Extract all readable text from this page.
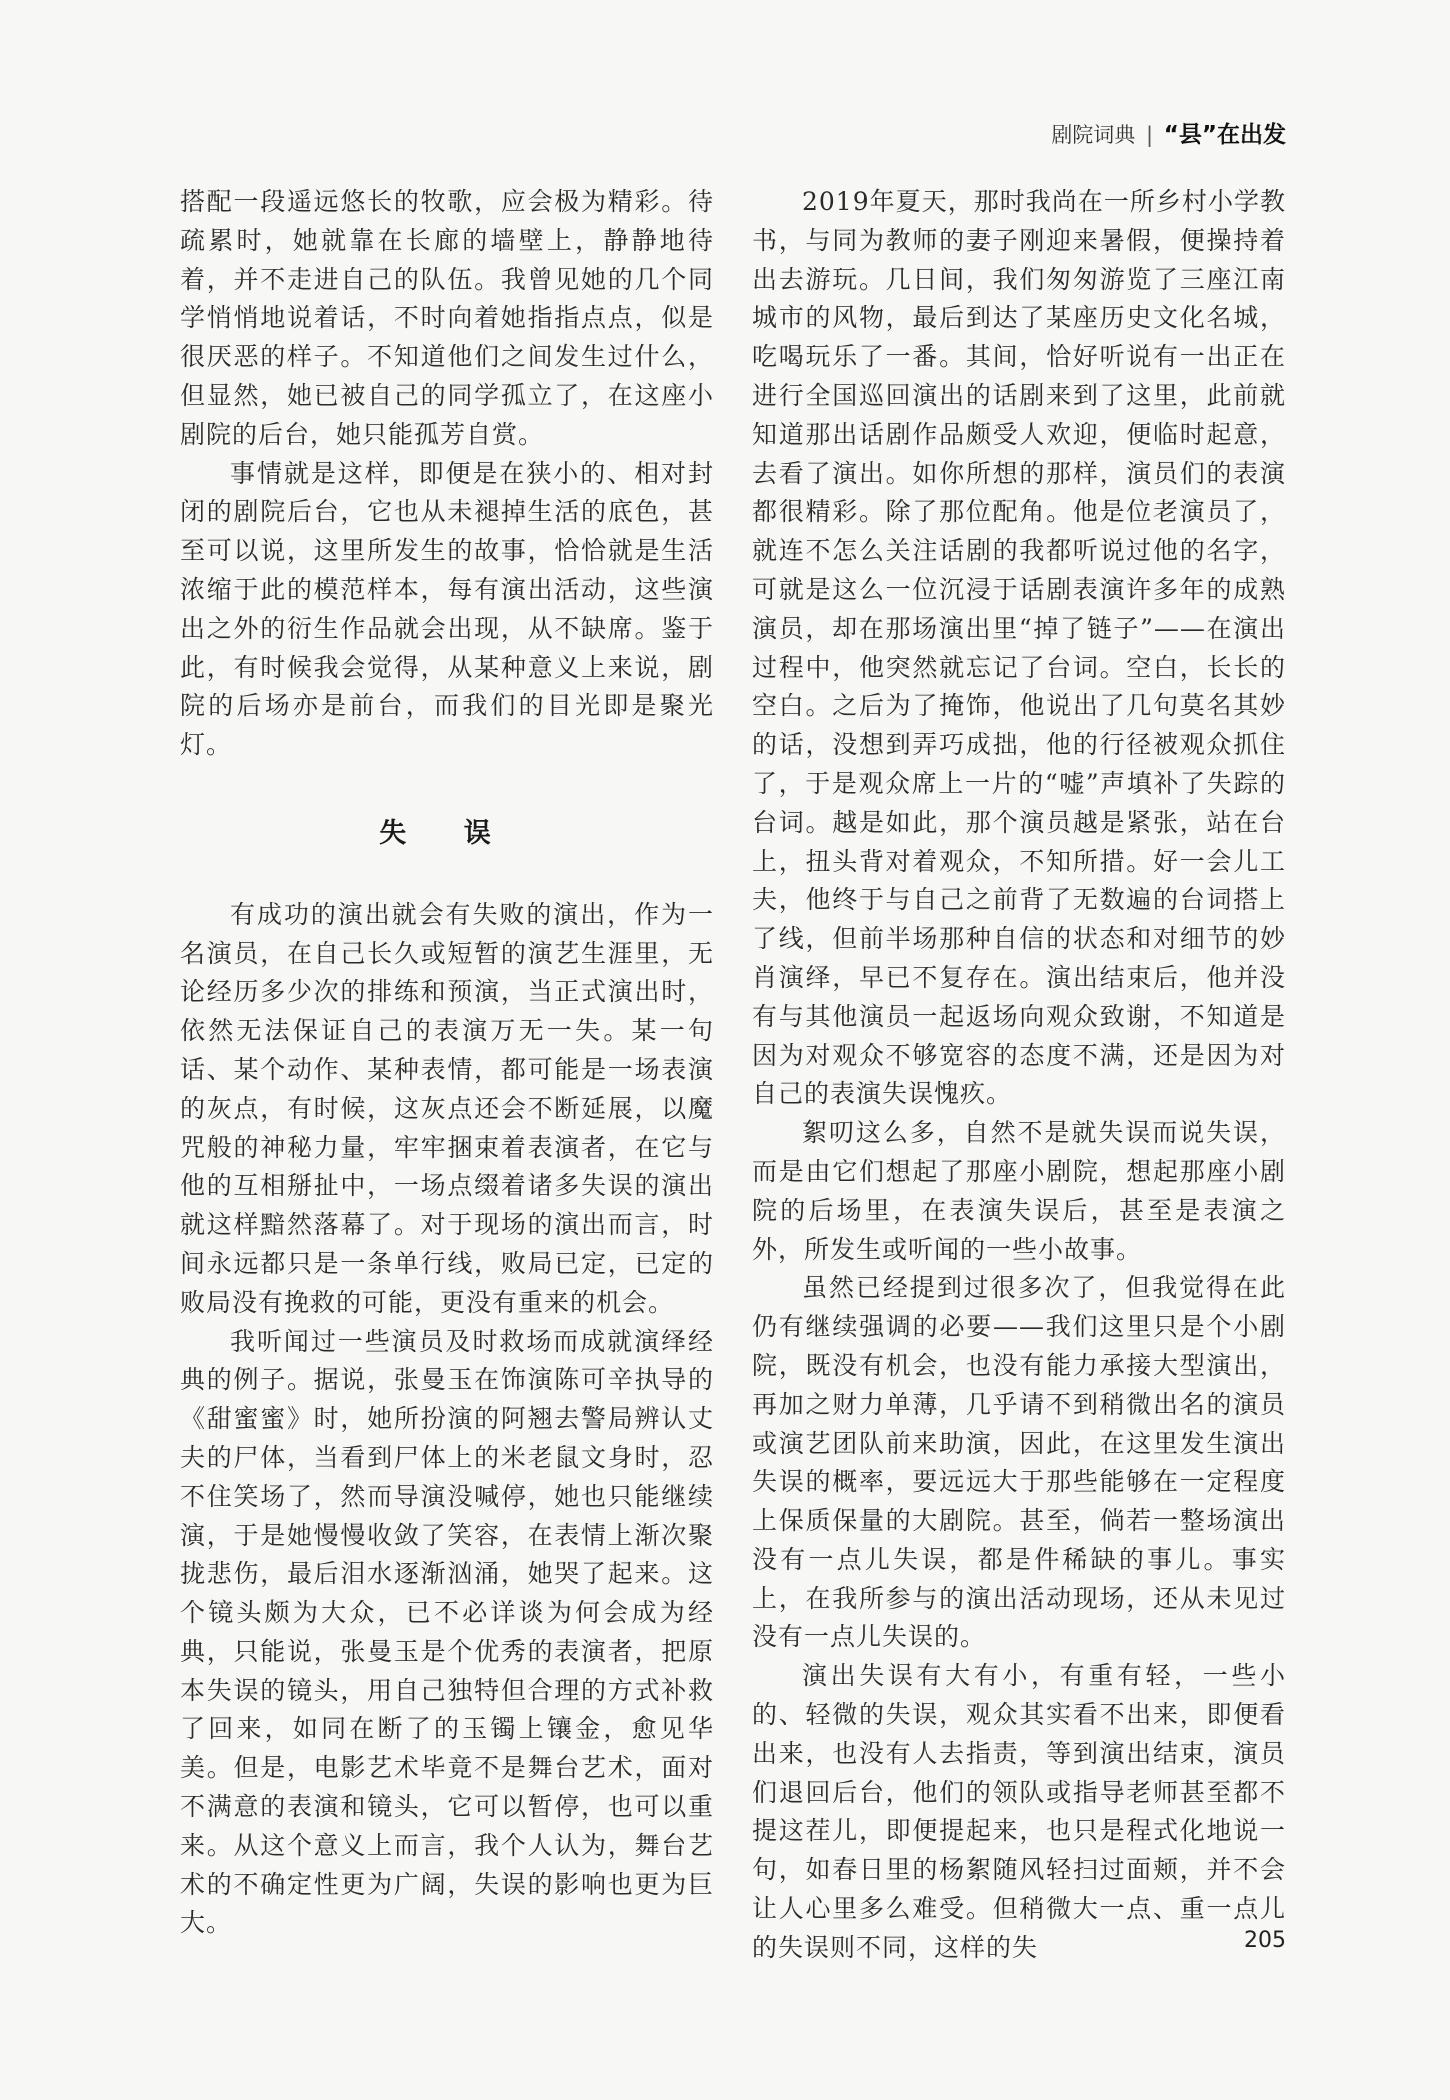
剧院词典 | “县”在出发

搭配一段遥远悠长的牧歌，应会极为精彩。待疏累时，她就靠在长廊的墙壁上，静静地待着，并不走进自己的队伍。我曾见她的几个同学悄悄地说着话，不时向着她指指点点，似是很厌恶的样子。不知道他们之间发生过什么，但显然，她已被自己的同学孤立了，在这座小剧院的后台，她只能孤芳自赏。

事情就是这样，即便是在狭小的、相对封闭的剧院后台，它也从未褪掉生活的底色，甚至可以说，这里所发生的故事，恰恰就是生活浓缩于此的模范样本，每有演出活动，这些演出之外的衍生作品就会出现，从不缺席。鉴于此，有时候我会觉得，从某种意义上来说，剧院的后场亦是前台，而我们的目光即是聚光灯。

失 误

有成功的演出就会有失败的演出，作为一名演员，在自己长久或短暂的演艺生涯里，无论经历多少次的排练和预演，当正式演出时，依然无法保证自己的表演万无一失。某一句话、某个动作、某种表情，都可能是一场表演的灰点，有时候，这灰点还会不断延展，以魔咒般的神秘力量，牢牢捆束着表演者，在它与他的互相掰扯中，一场点缀着诸多失误的演出就这样黯然落幕了。对于现场的演出而言，时间永远都只是一条单行线，败局已定，已定的败局没有挽救的可能，更没有重来的机会。

我听闻过一些演员及时救场而成就演绎经典的例子。据说，张曼玉在饰演陈可辛执导的《甜蜜蜜》时，她所扮演的阿翘去警局辨认丈夫的尸体，当看到尸体上的米老鼠文身时，忍不住笑场了，然而导演没喊停，她也只能继续演，于是她慢慢收敛了笑容，在表情上渐次聚拢悲伤，最后泪水逐渐汹涌，她哭了起来。这个镜头颇为大众，已不必详谈为何会成为经典，只能说，张曼玉是个优秀的表演者，把原本失误的镜头，用自己独特但合理的方式补救了回来，如同在断了的玉镯上镶金，愈见华美。但是，电影艺术毕竟不是舞台艺术，面对不满意的表演和镜头，它可以暂停，也可以重来。从这个意义上而言，我个人认为，舞台艺术的不确定性更为广阔，失误的影响也更为巨大。

2019年夏天，那时我尚在一所乡村小学教书，与同为教师的妻子刚迎来暑假，便操持着出去游玩。几日间，我们匆匆游览了三座江南城市的风物，最后到达了某座历史文化名城，吃喝玩乐了一番。其间，恰好听说有一出正在进行全国巡回演出的话剧来到了这里，此前就知道那出话剧作品颇受人欢迎，便临时起意，去看了演出。如你所想的那样，演员们的表演都很精彩。除了那位配角。他是位老演员了，就连不怎么关注话剧的我都听说过他的名字，可就是这么一位沉浸于话剧表演许多年的成熟演员，却在那场演出里“掉了链子”——在演出过程中，他突然就忘记了台词。空白，长长的空白。之后为了掩饰，他说出了几句莫名其妙的话，没想到弄巧成拙，他的行径被观众抓住了，于是观众席上一片的“嘘”声填补了失踪的台词。越是如此，那个演员越是紧张，站在台上，扭头背对着观众，不知所措。好一会儿工夫，他终于与自己之前背了无数遍的台词搭上了线，但前半场那种自信的状态和对细节的妙肖演绎，早已不复存在。演出结束后，他并没有与其他演员一起返场向观众致谢，不知道是因为对观众不够宽容的态度不满，还是因为对自己的表演失误愧疚。

絮叨这么多，自然不是就失误而说失误，而是由它们想起了那座小剧院，想起那座小剧院的后场里，在表演失误后，甚至是表演之外，所发生或听闻的一些小故事。

虽然已经提到过很多次了，但我觉得在此仍有继续强调的必要——我们这里只是个小剧院，既没有机会，也没有能力承接大型演出，再加之财力单薄，几乎请不到稍微出名的演员或演艺团队前来助演，因此，在这里发生演出失误的概率，要远远大于那些能够在一定程度上保质保量的大剧院。甚至，倘若一整场演出没有一点儿失误，都是件稀缺的事儿。事实上，在我所参与的演出活动现场，还从未见过没有一点儿失误的。

演出失误有大有小，有重有轻，一些小的、轻微的失误，观众其实看不出来，即便看出来，也没有人去指责，等到演出结束，演员们退回后台，他们的领队或指导老师甚至都不提这茬儿，即便提起来，也只是程式化地说一句，如春日里的杨絮随风轻扫过面颊，并不会让人心里多么难受。但稍微大一点、重一点儿的失误则不同，这样的失	205
